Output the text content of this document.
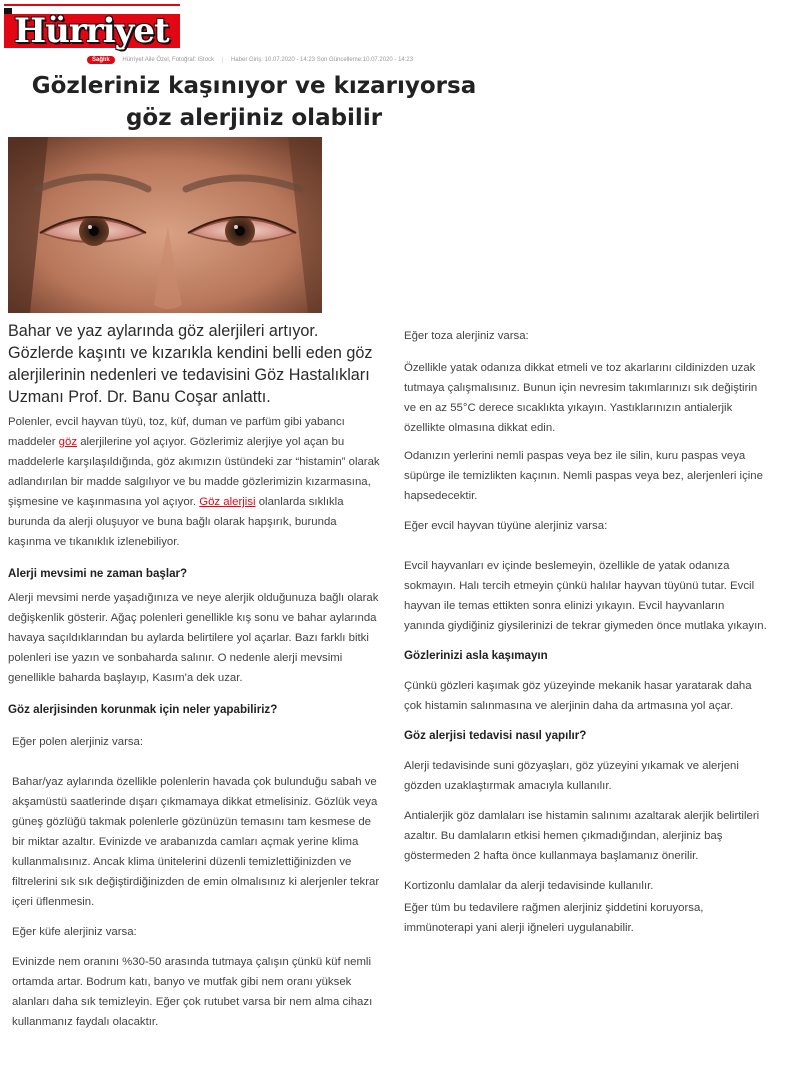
Hürriyet
Sağlık Hürriyet Aile Özel, Fotoğraf: iStock | Haber Giriş: 10.07.2020 - 14:23 Son Güncelleme:10.07.2020 - 14:23
Gözleriniz kaşınıyor ve kızarıyorsa göz alerjiniz olabilir

Bahar ve yaz aylarında göz alerjileri artıyor. Gözlerde kaşıntı ve kızarıkla kendini belli eden göz alerjilerinin nedenleri ve tedavisini Göz Hastalıkları Uzmanı Prof. Dr. Banu Coşar anlattı.

Polenler, evcil hayvan tüyü, toz, küf, duman ve parfüm gibi yabancı maddeler göz alerjilerine yol açıyor. Gözlerimiz alerjiye yol açan bu maddelerle karşılaşıldığında, göz akımızın üstündeki zar “histamin” olarak adlandırılan bir madde salgılıyor ve bu madde gözlerimizin kızarmasına, şişmesine ve kaşınmasına yol açıyor. Göz alerjisi olanlarda sıklıkla burunda da alerji oluşuyor ve buna bağlı olarak hapşırık, burunda kaşınma ve tıkanıklık izlenebiliyor.

Alerji mevsimi ne zaman başlar?

Alerji mevsimi nerde yaşadığınıza ve neye alerjik olduğunuza bağlı olarak değişkenlik gösterir. Ağaç polenleri genellikle kış sonu ve bahar aylarında havaya saçıldıklarından bu aylarda belirtilere yol açarlar. Bazı farklı bitki polenleri ise yazın ve sonbaharda salınır. O nedenle alerji mevsimi genellikle baharda başlayıp, Kasım'a dek uzar.

Göz alerjisinden korunmak için neler yapabiliriz?

Eğer polen alerjiniz varsa:

Bahar/yaz aylarında özellikle polenlerin havada çok bulunduğu sabah ve akşamüstü saatlerinde dışarı çıkmamaya dikkat etmelisiniz. Gözlük veya güneş gözlüğü takmak polenlerle gözünüzün temasını tam kesmese de bir miktar azaltır. Evinizde ve arabanızda camları açmak yerine klima kullanmalısınız. Ancak klima ünitelerini düzenli temizlettiğinizden ve filtrelerini sık sık değiştirdiğinizden de emin olmalısınız ki alerjenler tekrar içeri üflenmesin.

Eğer küfe alerjiniz varsa:

Evinizde nem oranını %30-50 arasında tutmaya çalışın çünkü küf nemli ortamda artar. Bodrum katı, banyo ve mutfak gibi nem oranı yüksek alanları daha sık temizleyin. Eğer çok rutubet varsa bir nem alma cihazı kullanmanız faydalı olacaktır.

Eğer toza alerjiniz varsa:

Özellikle yatak odanıza dikkat etmeli ve toz akarlarını cildinizden uzak tutmaya çalışmalısınız. Bunun için nevresim takımlarınızı sık değiştirin ve en az 55°C derece sıcaklıkta yıkayın. Yastıklarınızın antialerjik özellikte olmasına dikkat edin.

Odanızın yerlerini nemli paspas veya bez ile silin, kuru paspas veya süpürge ile temizlikten kaçının. Nemli paspas veya bez, alerjenleri içine hapsedecektir.

Eğer evcil hayvan tüyüne alerjiniz varsa:

Evcil hayvanları ev içinde beslemeyin, özellikle de yatak odanıza sokmayın. Halı tercih etmeyin çünkü halılar hayvan tüyünü tutar. Evcil hayvan ile temas ettikten sonra elinizi yıkayın. Evcil hayvanların yanında giydiğiniz giysilerinizi de tekrar giymeden önce mutlaka yıkayın.

Gözlerinizi asla kaşımayın

Çünkü gözleri kaşımak göz yüzeyinde mekanik hasar yaratarak daha çok histamin salınmasına ve alerjinin daha da artmasına yol açar.

Göz alerjisi tedavisi nasıl yapılır?

Alerji tedavisinde suni gözyaşları, göz yüzeyini yıkamak ve alerjeni gözden uzaklaştırmak amacıyla kullanılır.

Antialerjik göz damlaları ise histamin salınımı azaltarak alerjik belirtileri azaltır. Bu damlaların etkisi hemen çıkmadığından, alerjiniz baş göstermeden 2 hafta önce kullanmaya başlamanız önerilir.

Kortizonlu damlalar da alerji tedavisinde kullanılır.

Eğer tüm bu tedavilere rağmen alerjiniz şiddetini koruyorsa, immünoterapi yani alerji iğneleri uygulanabilir.
